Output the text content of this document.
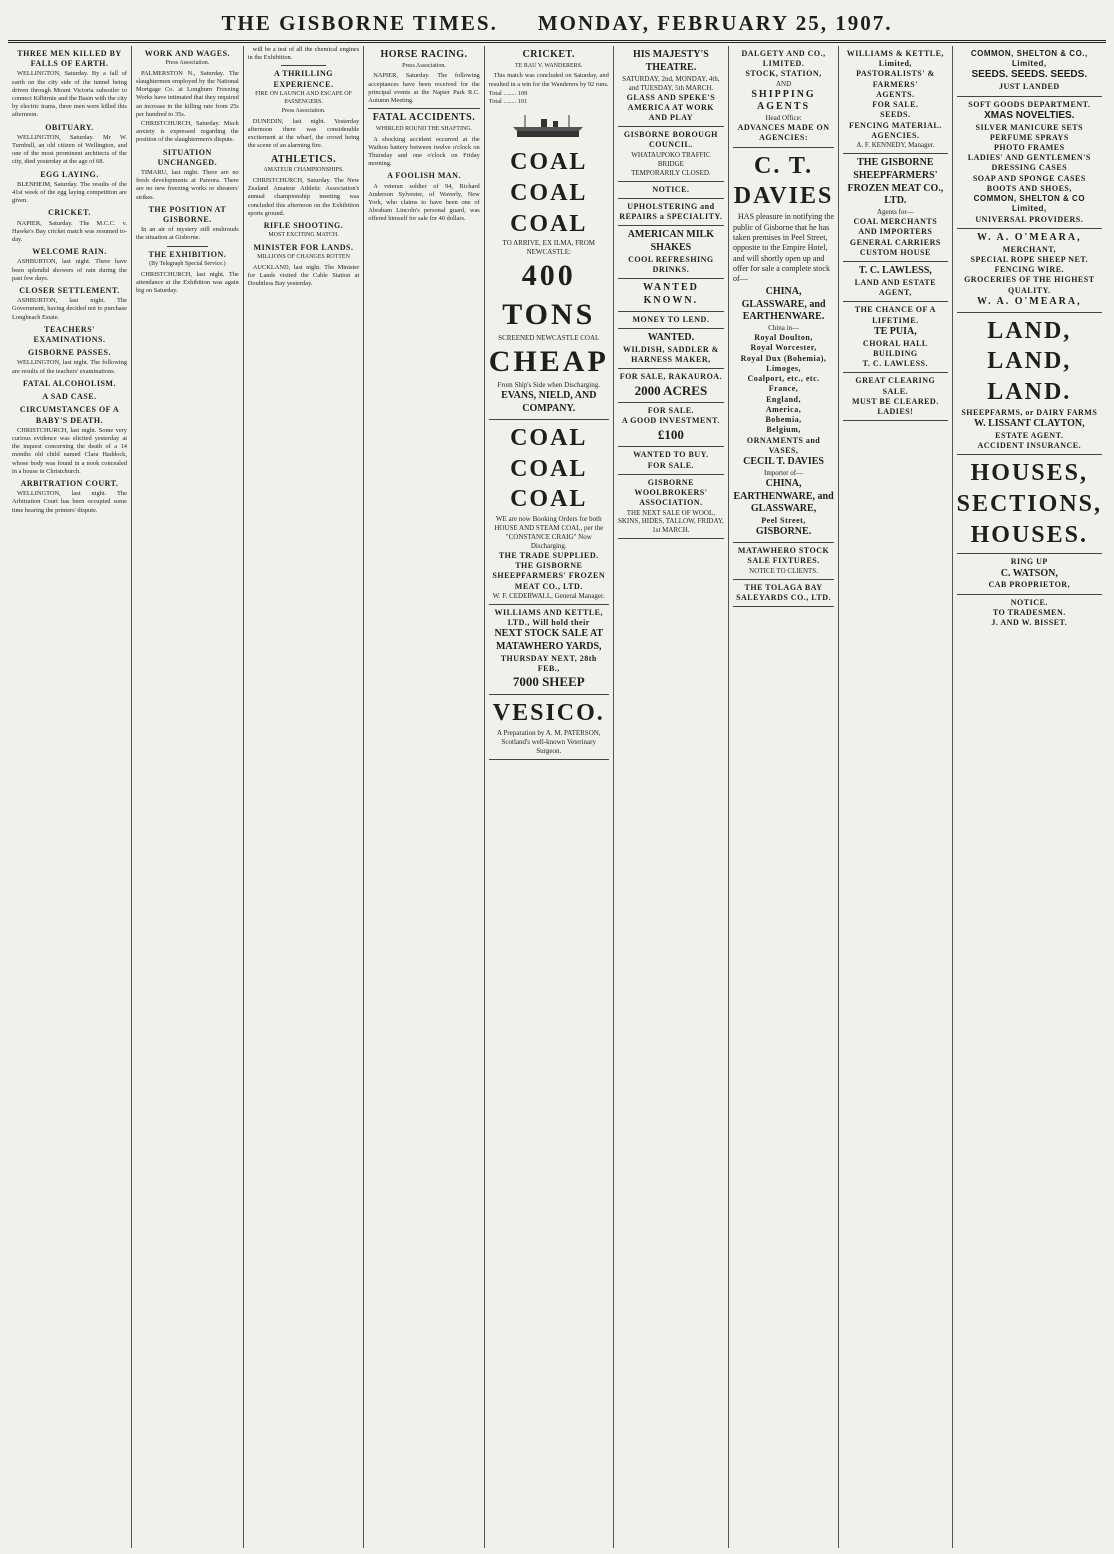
THE GISBORNE TIMES. MONDAY, FEBRUARY 25, 1907.
THREE MEN KILLED BY FALLS OF EARTH.

WELLINGTON, Saturday. By a fall of earth on the city side of the tunnel being driven through Mount Victoria subsoiler to connect Kilbirnie and the Basin with the city by electric trams, three men were killed this afternoon.

OBITUARY.

WELLINGTON, Saturday. Mr W. Turnbull, an old citizen of Wellington, and one of the most prominent architects of the city, died yesterday at the age of 68.

EGG LAYING.

BLENHEIM, Saturday. The results of the 41st week of the egg laying competition are given.

CRICKET.

NAPIER, Saturday. The M.C.C. v. Hawke's Bay cricket match was resumed to-day.

WELCOME RAIN.

ASHBURTON, last night. There have been splendid showers of rain during the past few days.

CLOSER SETTLEMENT.

ASHBURTON, last night. The Government, having decided not to purchase Longbeach Estate.

TEACHERS' EXAMINATIONS.
GISBORNE PASSES.

WELLINGTON, last night. The following are results of the teachers' examinations.

FATAL ALCOHOLISM.
A SAD CASE.
CIRCUMSTANCES OF A BABY'S DEATH.

CHRISTCHURCH, last night. Some very curious evidence was elicited yesterday at the inquest concerning the death of a 14 months old child named Clara Haddock, whose body was found in a nook concealed in a house in Christchurch.

ARBITRATION COURT.

WELLINGTON, last night. The Arbitration Court has been occupied some time hearing the printers' dispute.

WORK AND WAGES.
Press Association.

PALMERSTON N., Saturday. The slaughtermen employed by the National Mortgage Co. at Longburn Freezing Works have intimated that they required an increase in the killing rate from 25s per hundred to 35s.

CHRISTCHURCH, Saturday. Much anxiety is expressed regarding the position of the slaughtermen's dispute.

SITUATION UNCHANGED.

TIMARU, last night. There are no fresh developments at Pareora. There are no new freezing works or shearers' strikes.

THE POSITION AT GISBORNE.

In an air of mystery still enshrouds the situation at Gisborne.

THE EXHIBITION.
(By Telegraph Special Service.)

CHRISTCHURCH, last night. The attendance at the Exhibition was again big on Saturday.

will be a test of all the chemical engines in the Exhibition.

A THRILLING EXPERIENCE.
FIRE ON LAUNCH AND ESCAPE OF PASSENGERS.
Press Association.

DUNEDIN, last night. Yesterday afternoon there was considerable excitement at the wharf, the crowd being the scene of an alarming fire.

ATHLETICS.
AMATEUR CHAMPIONSHIPS.

CHRISTCHURCH, Saturday. The New Zealand Amateur Athletic Association's annual championship meeting was concluded this afternoon on the Exhibition sports ground.

RIFLE SHOOTING.
MOST EXCITING MATCH.
MINISTER FOR LANDS.
MILLIONS OF CHANGES ROTTEN

AUCKLAND, last night. The Minister for Lands visited the Cable Station at Doubtless Bay yesterday.

HORSE RACING.
Press Association.

NAPIER, Saturday. The following acceptances have been received for the principal events at the Napier Park R.C. Autumn Meeting.

FATAL ACCIDENTS.
WHIRLED ROUND THE SHAFTING.

A shocking accident occurred at the Waihou battery between twelve o'clock on Thursday and one o'clock on Friday morning.

A FOOLISH MAN.

A veteran soldier of 94, Richard Anderson Sylvester, of Waverly, New York, who claims to have been one of Abraham Lincoln's personal guard, was offered himself for sale for 40 dollars.

CRICKET.
TE RAU V. WANDERERS.

This match was concluded on Saturday, and resulted in a win for the Wanderers by 92 runs.

Total ........ 109
Total ........ 101
COAL
COAL
COAL
TO ARRIVE, EX ILMA, FROM NEWCASTLE:
400 TONS
SCREENED NEWCASTLE COAL
CHEAP
From Ship's Side when Discharging.
EVANS, NIELD, AND COMPANY.
COAL
COAL
COAL
WE are now Booking Orders for both HOUSE AND STEAM COAL, per the "CONSTANCE CRAIG" Now Discharging.
THE TRADE SUPPLIED.
THE GISBORNE SHEEPFARMERS' FROZEN MEAT CO., LTD.
W. F. CEDERWALL, General Manager.
WILLIAMS AND KETTLE, LTD., Will hold their
NEXT STOCK SALE AT MATAWHERO YARDS,
THURSDAY NEXT, 28th FEB.,
7000 SHEEP
VESICO.
A Preparation by A. M. PATERSON, Scotland's well-known Veterinary Surgeon.
HIS MAJESTY'S THEATRE.
SATURDAY, 2nd, MONDAY, 4th, and TUESDAY, 5th MARCH.
GLASS AND SPEKE'S AMERICA AT WORK AND PLAY
GISBORNE BOROUGH COUNCIL.
WHATAUPOKO TRAFFIC BRIDGE
TEMPORARILY CLOSED.
NOTICE.
UPHOLSTERING and REPAIRS a SPECIALITY.
AMERICAN MILK SHAKES
COOL REFRESHING DRINKS.
WANTED KNOWN.
MONEY TO LEND.
WANTED.
WILDISH, SADDLER & HARNESS MAKER,
FOR SALE, RAKAUROA.
2000 ACRES
FOR SALE.
A GOOD INVESTMENT.
£100
WANTED TO BUY.
FOR SALE.
GISBORNE WOOLBROKERS' ASSOCIATION.
THE NEXT SALE OF WOOL, SKINS, HIDES, TALLOW, FRIDAY, 1st MARCH.
DALGETY AND CO., LIMITED.
STOCK, STATION,
AND
SHIPPING AGENTS
Head Office:
ADVANCES MADE ON
AGENCIES:
C. T. DAVIES

HAS pleasure in notifying the public of Gisborne that he has taken premises in Peel Street, opposite to the Empire Hotel, and will shortly open up and offer for sale a complete stock of—

CHINA,
GLASSWARE, and
EARTHENWARE.
China in—
Royal Doulton,
Royal Worcester,
Royal Dux (Bohemia),
Limoges,
Coalport, etc., etc.
France,
England,
America,
Bohemia,
Belgium,
ORNAMENTS and VASES,
CECIL T. DAVIES
Importer of—
CHINA,
EARTHENWARE, and
GLASSWARE,
Peel Street,
GISBORNE.
MATAWHERO STOCK SALE FIXTURES.
NOTICE TO CLIENTS.
THE TOLAGA BAY SALEYARDS CO., LTD.
WILLIAMS & KETTLE, Limited,
PASTORALISTS' & FARMERS'
AGENTS.
FOR SALE.
SEEDS.
FENCING MATERIAL.
AGENCIES.
A. F. KENNEDY, Manager.
THE GISBORNE SHEEPFARMERS' FROZEN MEAT CO., LTD.
Agents for—
COAL MERCHANTS AND IMPORTERS
GENERAL CARRIERS
CUSTOM HOUSE
T. C. LAWLESS,
LAND AND ESTATE AGENT,
THE CHANCE OF A LIFETIME.
TE PUIA,
CHORAL HALL BUILDING
T. C. LAWLESS.
GREAT CLEARING SALE.
MUST BE CLEARED.
LADIES!
COMMON, SHELTON & CO., Limited,
SEEDS. SEEDS. SEEDS.
JUST LANDED
SOFT GOODS DEPARTMENT.
XMAS NOVELTIES.
SILVER MANICURE SETS
PERFUME SPRAYS
PHOTO FRAMES
LADIES' AND GENTLEMEN'S
DRESSING CASES
SOAP AND SPONGE CASES
BOOTS AND SHOES,
COMMON, SHELTON & CO Limited,
UNIVERSAL PROVIDERS.
W. A. O'MEARA,
MERCHANT,
SPECIAL ROPE SHEEP NET.
FENCING WIRE.
GROCERIES OF THE HIGHEST QUALITY.
W. A. O'MEARA,
LAND, LAND,
LAND.
SHEEPFARMS, or DAIRY FARMS
W. LISSANT CLAYTON,
ESTATE AGENT.
ACCIDENT INSURANCE.
HOUSES,
SECTIONS,
HOUSES.
RING UP
C. WATSON,
CAB PROPRIETOR,
NOTICE.
TO TRADESMEN.
J. AND W. BISSET.
